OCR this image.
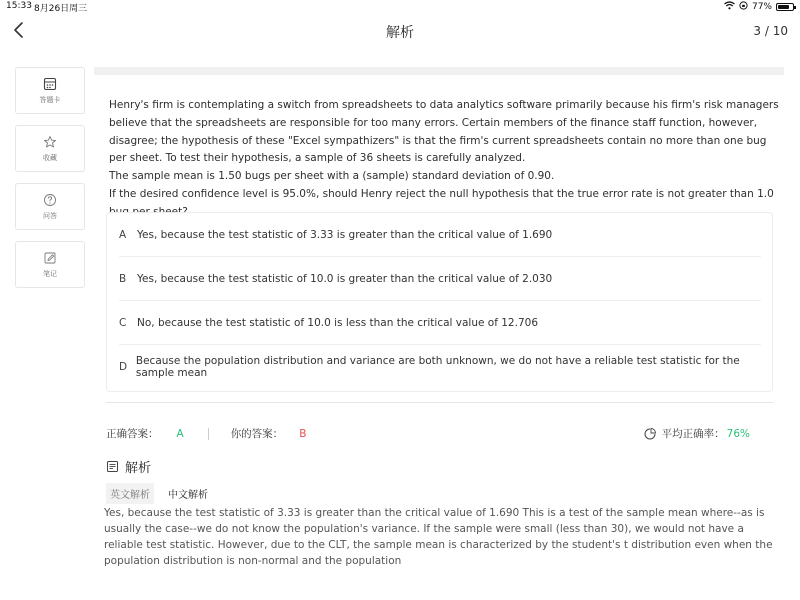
15:33 8月26日周三	77%
解析	3 / 10
答题卡
收藏
问答
笔记

Henry's firm is contemplating a switch from spreadsheets to data analytics software primarily because his firm's risk managers believe that the spreadsheets are responsible for too many errors. Certain members of the finance staff function, however, disagree; the hypothesis of these "Excel sympathizers" is that the firm's current spreadsheets contain no more than one bug per sheet. To test their hypothesis, a sample of 36 sheets is carefully analyzed.

The sample mean is 1.50 bugs per sheet with a (sample) standard deviation of 0.90.

If the desired confidence level is 95.0%, should Henry reject the null hypothesis that the true error rate is not greater than 1.0

A	Yes, because the test statistic of 3.33 is greater than the critical value of 1.690
B	Yes, because the test statistic of 10.0 is greater than the critical value of 2.030
C	No, because the test statistic of 10.0 is less than the critical value of 12.706
D Because the population distribution and variance are both unknown, we do not have a reliable test statistic for the sample mean
正确答案： A	你的答案： B	平均正确率： 76%
解析
英文解析	中文解析
Yes, because the test statistic of 3.33 is greater than the critical value of 1.690 This is a test of the sample mean where--as is usually the case--we do not know the population's variance. If the sample were small (less than 30), we would not have a reliable test statistic. However, due to the CLT, the sample mean is characterized by the student's t distribution even when the population distribution is non-normal and the population
